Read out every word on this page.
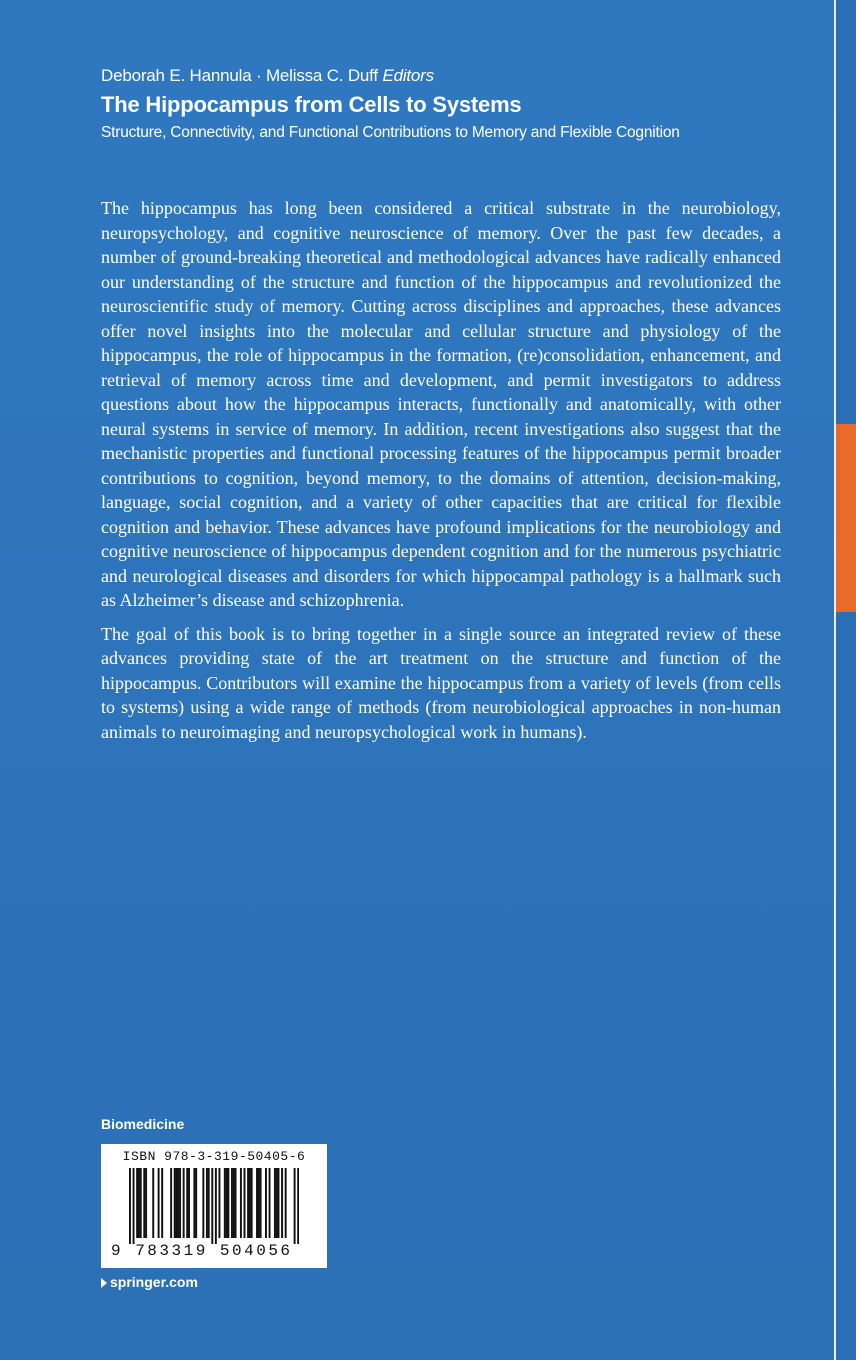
Deborah E. Hannula · Melissa C. Duff Editors
The Hippocampus from Cells to Systems
Structure, Connectivity, and Functional Contributions to Memory and Flexible Cognition

The hippocampus has long been considered a critical substrate in the neurobiology, neuropsychology, and cognitive neuroscience of memory. Over the past few decades, a number of ground-breaking theoretical and methodological advances have radically enhanced our understanding of the structure and function of the hippocampus and revolutionized the neuroscientific study of memory. Cutting across disciplines and approaches, these advances offer novel insights into the molecular and cellular structure and physiology of the hippocampus, the role of hippocampus in the formation, (re)consolidation, enhancement, and retrieval of memory across time and development, and permit investigators to address questions about how the hippocampus interacts, functionally and anatomically, with other neural systems in service of memory. In addition, recent investigations also suggest that the mechanistic properties and functional processing features of the hippocampus permit broader contributions to cognition, beyond memory, to the domains of attention, decision-making, language, social cognition, and a variety of other capacities that are critical for flexible cognition and behavior. These advances have profound implications for the neurobiology and cognitive neuroscience of hippocampus dependent cognition and for the numerous psychiatric and neurological diseases and disorders for which hippocampal pathology is a hallmark such as Alzheimer’s disease and schizophrenia.

The goal of this book is to bring together in a single source an integrated review of these advances providing state of the art treatment on the structure and function of the hippocampus. Contributors will examine the hippocampus from a variety of levels (from cells to systems) using a wide range of methods (from neurobiological approaches in non-human animals to neuroimaging and neuropsychological work in humans).

Biomedicine
ISBN 978-3-319-50405-6
9 783319 504056
springer.com
